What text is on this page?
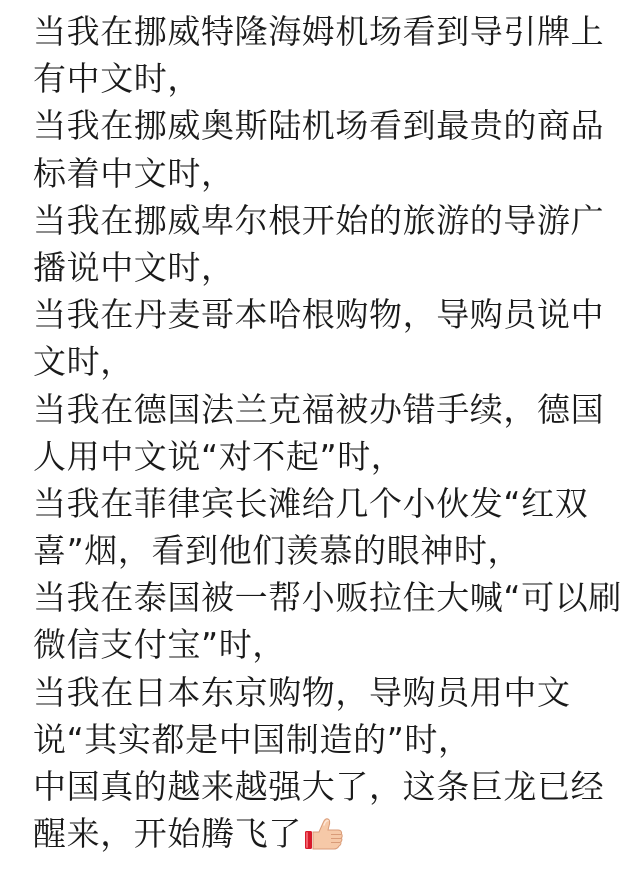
当我在挪威特隆海姆机场看到导引牌上
有中文时，
当我在挪威奥斯陆机场看到最贵的商品
标着中文时，
当我在挪威卑尔根开始的旅游的导游广
播说中文时，
当我在丹麦哥本哈根购物，导购员说中
文时，
当我在德国法兰克福被办错手续，德国
人用中文说“对不起”时，
当我在菲律宾长滩给几个小伙发“红双
喜”烟，看到他们羡慕的眼神时，
当我在泰国被一帮小贩拉住大喊“可以刷
微信支付宝”时，
当我在日本东京购物，导购员用中文
说“其实都是中国制造的”时，
中国真的越来越强大了，这条巨龙已经
醒来，开始腾飞了
